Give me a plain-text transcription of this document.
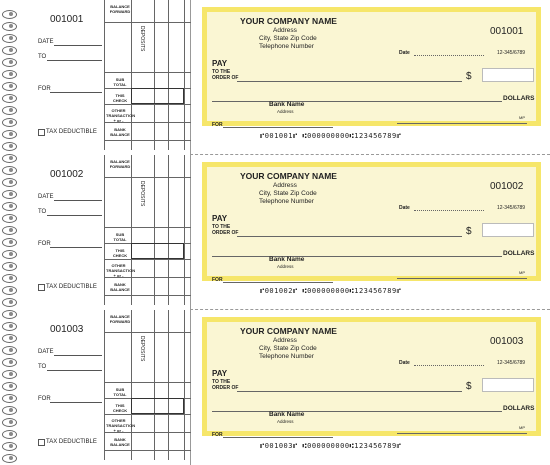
001001
DATE
TO
FOR
TAX DEDUCTIBLE
BALANCE FORWARD
DEPOSITS
SUB TOTAL
THIS CHECK
OTHER TRANSACTION + or -
BANK BALANCE
YOUR COMPANY NAME
Address
City, State Zip Code
Telephone Number
001001
Date	12-345/6789
PAY
TO THE
ORDER OF	$
DOLLARS
Bank Name
Address
FOR
MP
⑈001001⑈ ⑆000000000⑆123456789⑈
001002
DATE
TO
FOR
TAX DEDUCTIBLE
BALANCE FORWARD
DEPOSITS
SUB TOTAL
THIS CHECK
OTHER TRANSACTION + or -
BANK BALANCE
YOUR COMPANY NAME
Address
City, State Zip Code
Telephone Number
001002
Date	12-345/6789
PAY
TO THE
ORDER OF	$
DOLLARS
Bank Name
Address
FOR
MP
⑈001002⑈ ⑆000000000⑆123456789⑈
001003
DATE
TO
FOR
TAX DEDUCTIBLE
BALANCE FORWARD
DEPOSITS
SUB TOTAL
THIS CHECK
OTHER TRANSACTION + or -
BANK BALANCE
YOUR COMPANY NAME
Address
City, State Zip Code
Telephone Number
001003
Date	12-345/6789
PAY
TO THE
ORDER OF	$
DOLLARS
Bank Name
Address
FOR
MP
⑈001003⑈ ⑆000000000⑆123456789⑈
